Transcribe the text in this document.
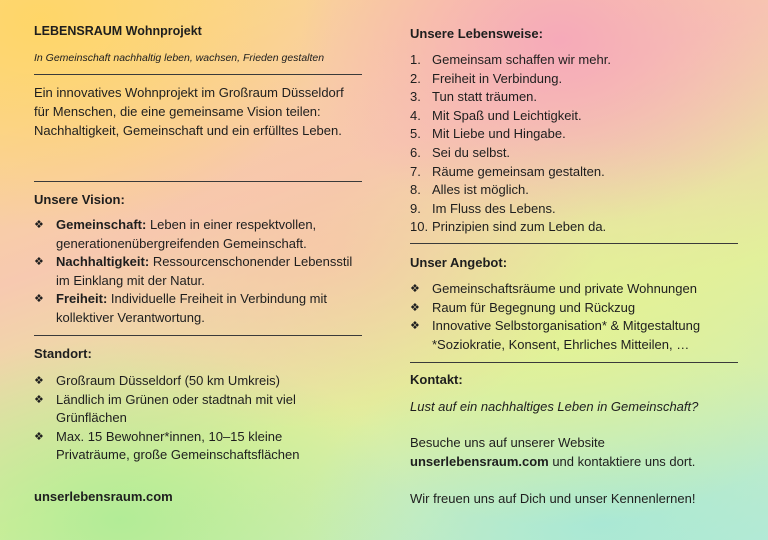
LEBENSRAUM Wohnprojekt

In Gemeinschaft nachhaltig leben, wachsen, Frieden gestalten

Ein innovatives Wohnprojekt im Großraum Düsseldorf für Menschen, die eine gemeinsame Vision teilen: Nachhaltigkeit, Gemeinschaft und ein erfülltes Leben.

Unsere Vision:

❖ Gemeinschaft: Leben in einer respektvollen, generationenübergreifenden Gemeinschaft.
❖ Nachhaltigkeit: Ressourcenschonender Lebensstil im Einklang mit der Natur.
❖ Freiheit: Individuelle Freiheit in Verbindung mit kollektiver Verantwortung.

Standort:

❖ Großraum Düsseldorf (50 km Umkreis)
❖ Ländlich im Grünen oder stadtnah mit viel Grünflächen
❖ Max. 15 Bewohner*innen, 10–15 kleine Privaträume, große Gemeinschaftsflächen

unserlebensraum.com

Unsere Lebensweise:

1. Gemeinsam schaffen wir mehr.
2. Freiheit in Verbindung.
3. Tun statt träumen.
4. Mit Spaß und Leichtigkeit.
5. Mit Liebe und Hingabe.
6. Sei du selbst.
7. Räume gemeinsam gestalten.
8. Alles ist möglich.
9. Im Fluss des Lebens.
10. Prinzipien sind zum Leben da.

Unser Angebot:

❖ Gemeinschaftsräume und private Wohnungen
❖ Raum für Begegnung und Rückzug
❖ Innovative Selbstorganisation* & Mitgestaltung
*Soziokratie, Konsent, Ehrliches Mitteilen, …

Kontakt:

Lust auf ein nachhaltiges Leben in Gemeinschaft?

Besuche uns auf unserer Website
unserlebensraum.com und kontaktiere uns dort.

Wir freuen uns auf Dich und unser Kennenlernen!
